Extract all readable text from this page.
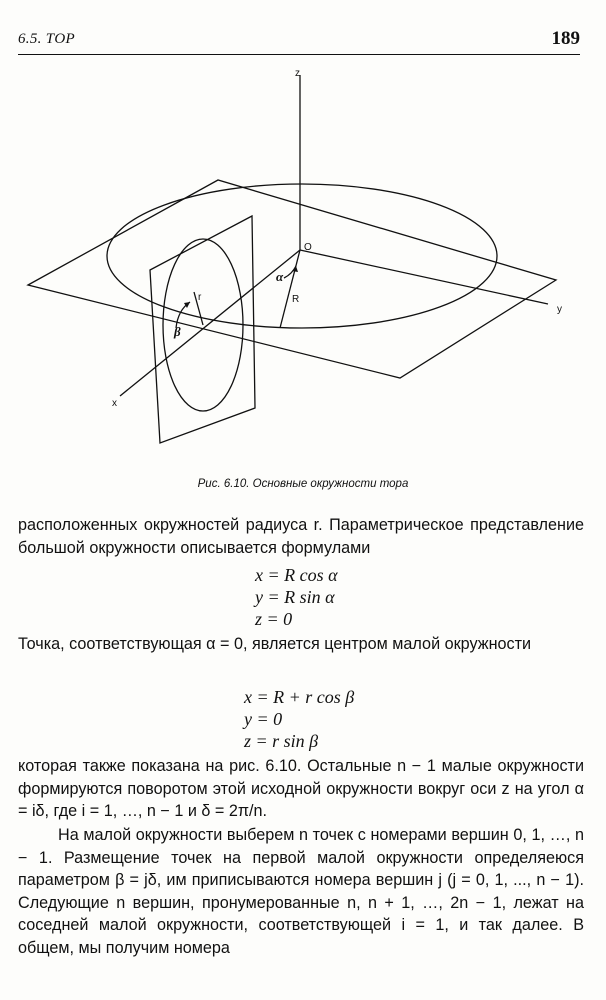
6.5. ТОР	189
z
y
x
O
R
r
α
β
Рис. 6.10. Основные окружности тора

расположенных окружностей радиуса r. Параметрическое представление большой окружности описывается формулами

x = R cos α
y = R sin α
z = 0

Точка, соответствующая α = 0, является центром малой окружности

x = R + r cos β
y = 0
z = r sin β

которая также показана на рис. 6.10. Остальные n − 1 малые окружности формируются поворотом этой исходной окружности вокруг оси z на угол α = iδ, где i = 1, …, n − 1 и δ = 2π/n.

На малой окружности выберем n точек с номерами вершин 0, 1, …, n − 1. Размещение точек на первой малой окружности определяеюся параметром β = jδ, им приписываются номера вершин j (j = 0, 1, ..., n − 1). Следующие n вершин, пронумерованные n, n + 1, …, 2n − 1, лежат на соседней малой окружности, соответствующей i = 1, и так далее. В общем, мы получим номера
